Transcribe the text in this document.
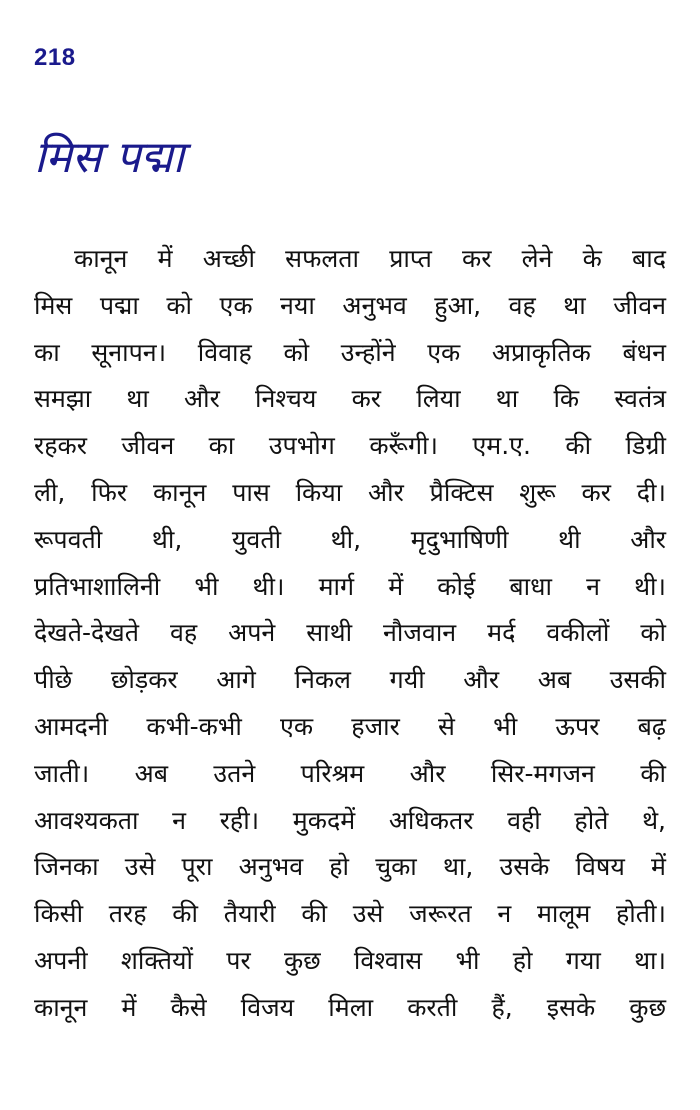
218
मिस पद्मा
कानून में अच्छी सफलता प्राप्त कर लेने के बाद
मिस पद्मा को एक नया अनुभव हुआ, वह था जीवन
का सूनापन। विवाह को उन्होंने एक अप्राकृतिक बंधन
समझा था और निश्चय कर लिया था कि स्वतंत्र
रहकर जीवन का उपभोग करूँगी। एम.ए. की डिग्री
ली, फिर कानून पास किया और प्रैक्टिस शुरू कर दी।
रूपवती थी, युवती थी, मृदुभाषिणी थी और
प्रतिभाशालिनी भी थी। मार्ग में कोई बाधा न थी।
देखते-देखते वह अपने साथी नौजवान मर्द वकीलों को
पीछे छोड़कर आगे निकल गयी और अब उसकी
आमदनी कभी-कभी एक हजार से भी ऊपर बढ़
जाती। अब उतने परिश्रम और सिर-मगजन की
आवश्यकता न रही। मुकदमें अधिकतर वही होते थे,
जिनका उसे पूरा अनुभव हो चुका था, उसके विषय में
किसी तरह की तैयारी की उसे जरूरत न मालूम होती।
अपनी शक्तियों पर कुछ विश्वास भी हो गया था।
कानून में कैसे विजय मिला करती हैं, इसके कुछ
